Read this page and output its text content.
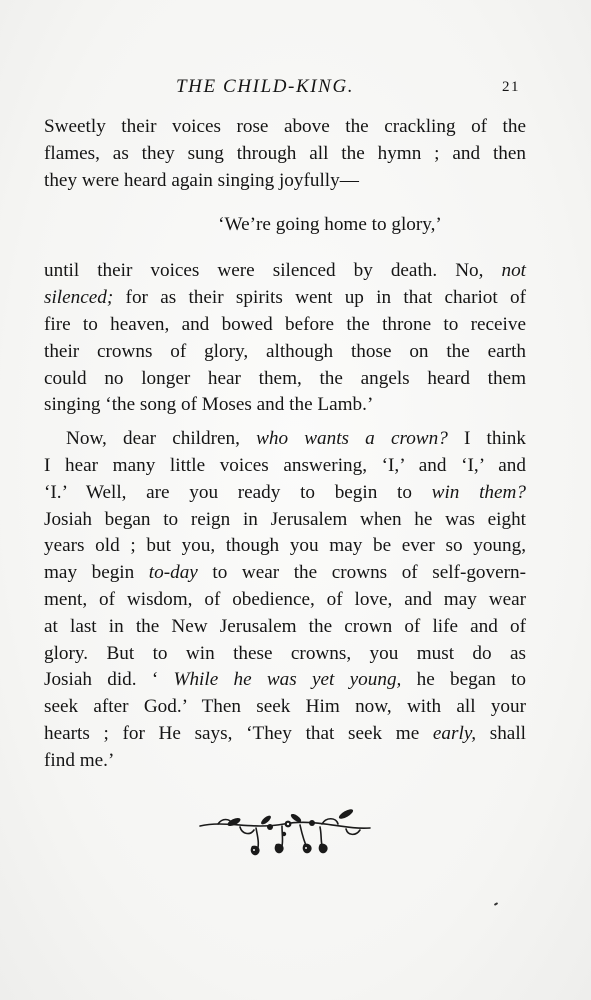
THE CHILD-KING.	21
Sweetly their voices rose above the crackling of the
flames, as they sung through all the hymn ; and then
they were heard again singing joyfully—
‘We’re going home to glory,’
until their voices were silenced by death. No, not
silenced; for as their spirits went up in that chariot of
fire to heaven, and bowed before the throne to receive
their crowns of glory, although those on the earth
could no longer hear them, the angels heard them
singing ‘the song of Moses and the Lamb.’
Now, dear children, who wants a crown? I think
I hear many little voices answering, ‘I,’ and ‘I,’ and
‘I.’ Well, are you ready to begin to win them?
Josiah began to reign in Jerusalem when he was eight
years old ; but you, though you may be ever so young,
may begin to-day to wear the crowns of self-govern-
ment, of wisdom, of obedience, of love, and may wear
at last in the New Jerusalem the crown of life and of
glory. But to win these crowns, you must do as
Josiah did. ‘ While he was yet young, he began to
seek after God.’ Then seek Him now, with all your
hearts ; for He says, ‘They that seek me early, shall
find me.’
